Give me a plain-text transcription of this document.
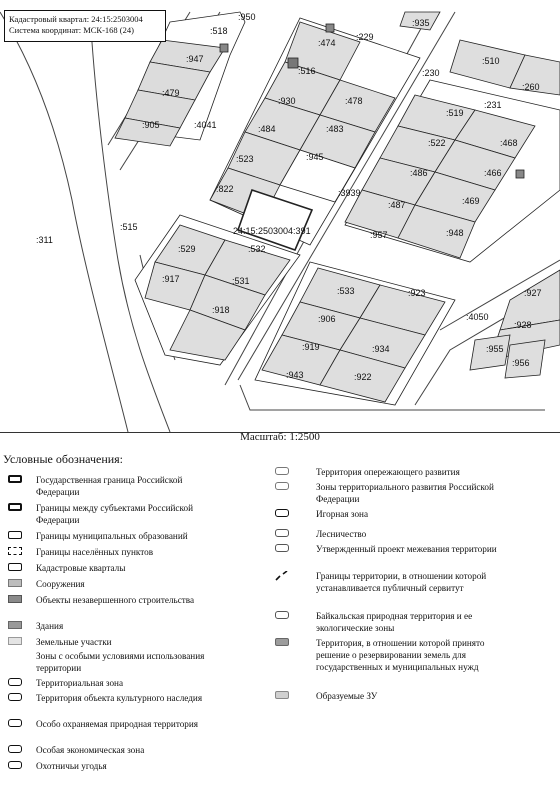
:518
:950
:947
:479
:905
:474
:516
:229
:935
:930	:478
:230
:510
:260
:484	:483
:231
:519
:4041
:523	:945
:522	:468
:486	:466
:822	:3939
:487	:469
:515	24:15:2503004:391	:957	:948
:311
:529	:532
:917	:531
:533	:923	:927
:918
:906	:4050
:928
:919	:934	:955
:956
:943	:922
Кадастровый квартал: 24:15:2503004
Система координат: МСК-168 (24)
Масштаб: 1:2500
Условные обозначения:
Государственная граница Российской Федерации
Границы между субъектами Российской Федерации
Границы муниципальных образований
Границы населённых пунктов
Кадастровые кварталы
Сооружения
Объекты незавершенного строительства
Здания
Земельные участки
Зоны с особыми условиями использования территории
Территориальная зона
Территория объекта культурного наследия
Особо охраняемая природная территория
Особая экономическая зона
Охотничьи угодья
Территория опережающего развития
Зоны территориального развития Российской Федерации
Игорная зона
Лесничество
Утвержденный проект межевания территории
Границы территории, в отношении которой устанавливается публичный сервитут
Байкальская природная территория и ее экологические зоны
Территория, в отношении которой принято решение о резервировании земель для государственных и муниципальных нужд
Образуемые ЗУ
